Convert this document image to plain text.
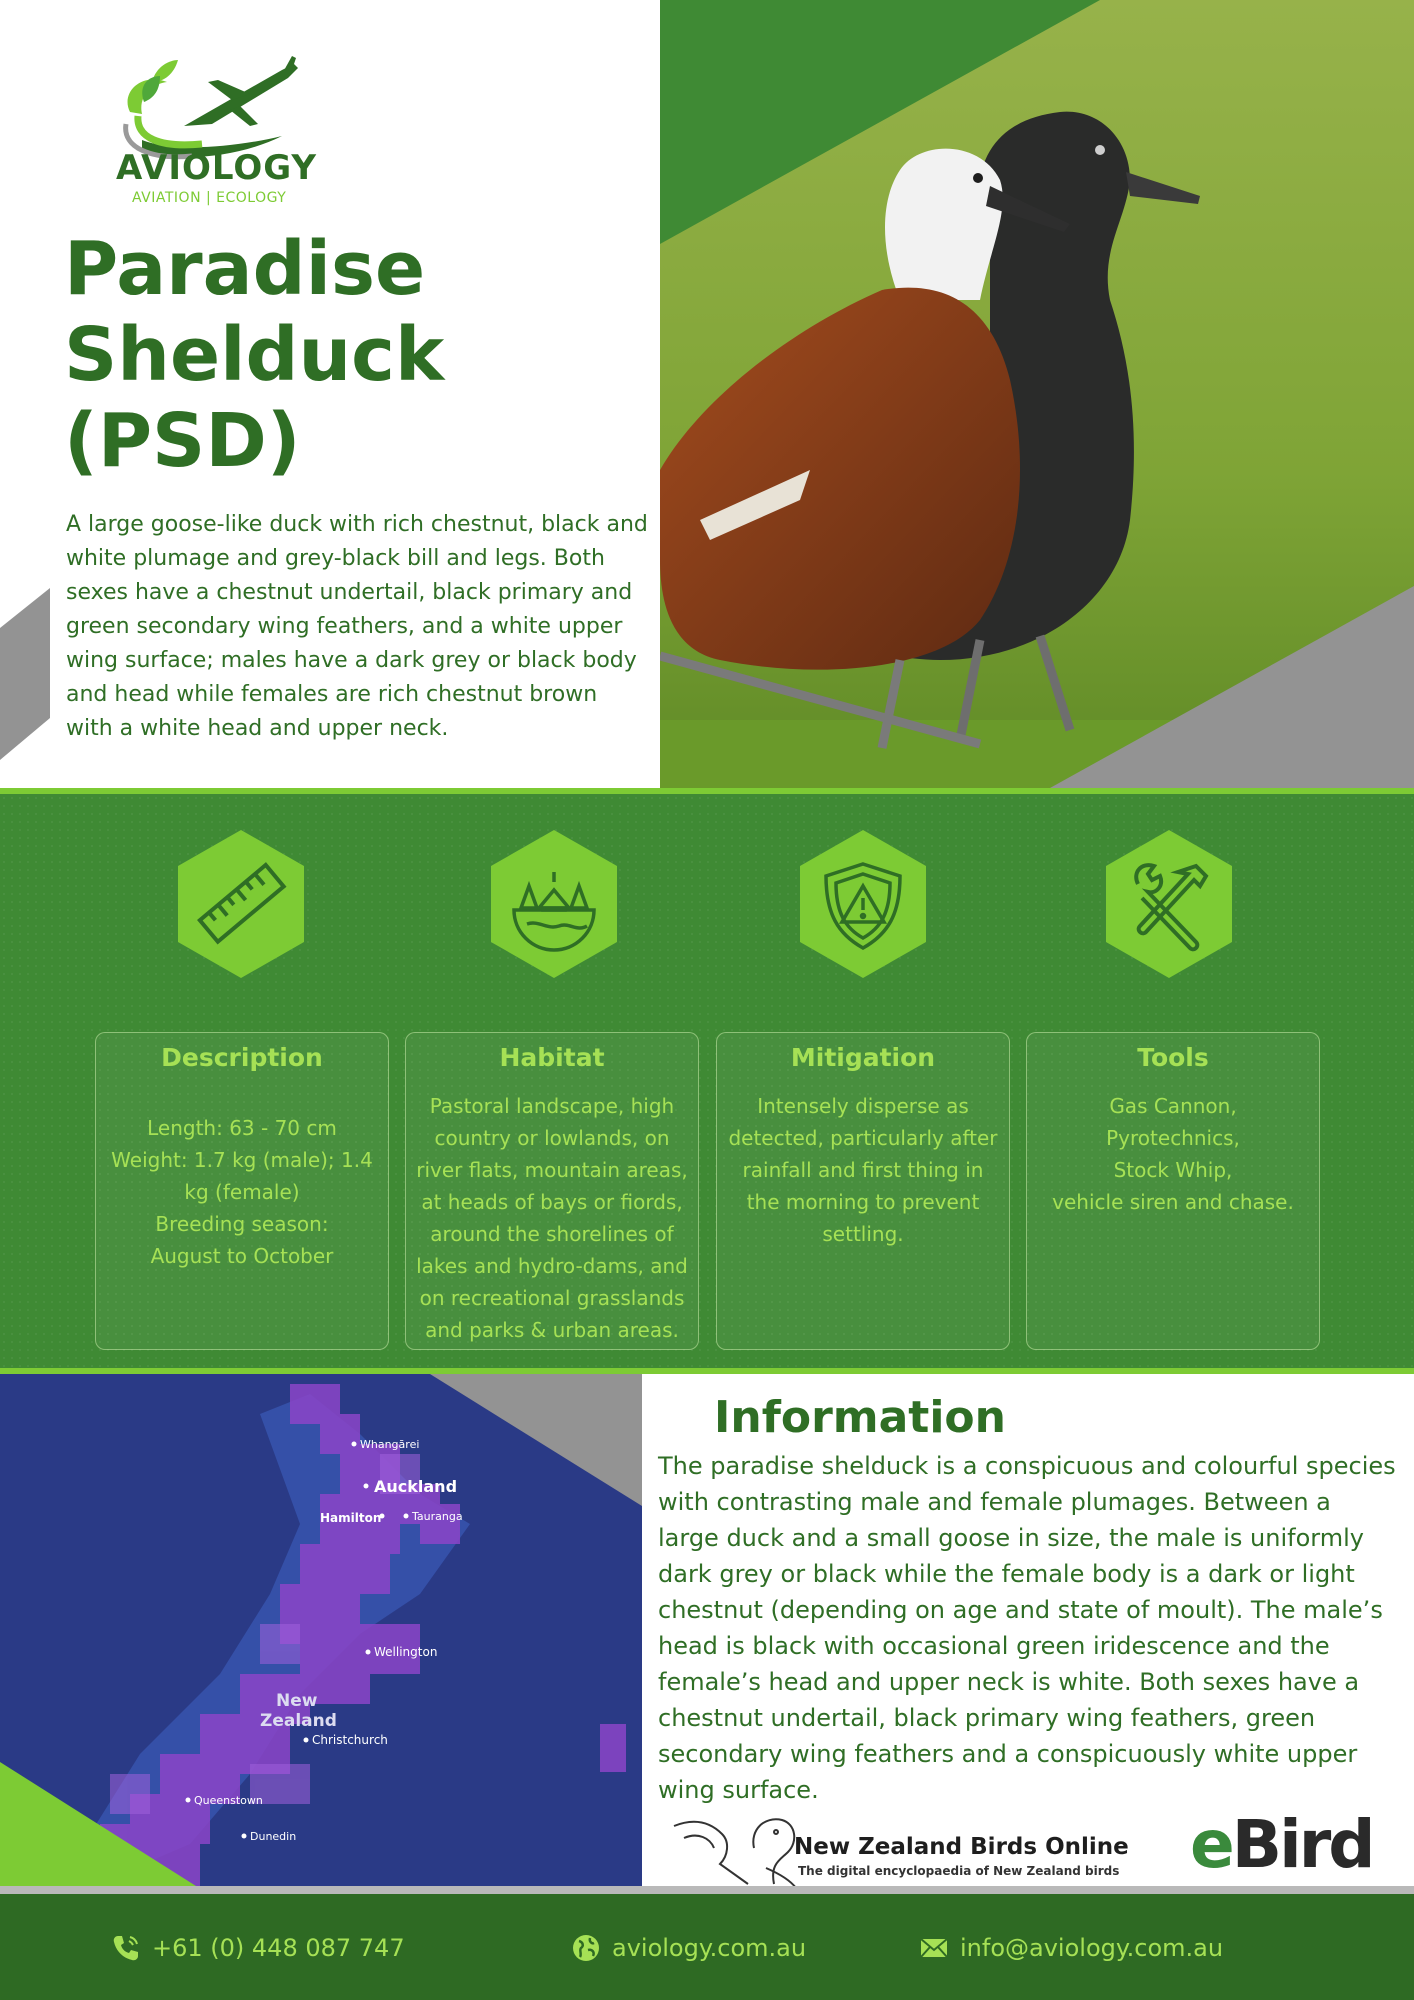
AVIOLOGY
AVIATION | ECOLOGY
Paradise
Shelduck
(PSD)

A large goose-like duck with rich chestnut, black and white plumage and grey-black bill and legs. Both sexes have a chestnut undertail, black primary and green secondary wing feathers, and a white upper wing surface; males have a dark grey or black body and head while females are rich chestnut brown with a white head and upper neck.

Description
Length: 63 - 70 cm
Weight: 1.7 kg (male); 1.4
kg (female)
Breeding season:
August to October
Habitat
Pastoral landscape, high
country or lowlands, on
river flats, mountain areas,
at heads of bays or fiords,
around the shorelines of
lakes and hydro-dams, and
on recreational grasslands
and parks & urban areas.
Mitigation
Intensely disperse as
detected, particularly after
rainfall and first thing in
the morning to prevent
settling.
Tools
Gas Cannon,
Pyrotechnics,
Stock Whip,
vehicle siren and chase.
Whangārei
Auckland
Hamilton	Tauranga
Wellington
New
Zealand
Christchurch
Queenstown
Dunedin
Information

The paradise shelduck is a conspicuous and colourful species with contrasting male and female plumages. Between a large duck and a small goose in size, the male is uniformly dark grey or black while the female body is a dark or light chestnut (depending on age and state of moult). The male’s head is black with occasional green iridescence and the female’s head and upper neck is white. Both sexes have a chestnut undertail, black primary wing feathers, green secondary wing feathers and a conspicuously white upper wing surface.

New Zealand Birds Online
The digital encyclopaedia of New Zealand birds eBird
+61 (0) 448 087 747	aviology.com.au	info@aviology.com.au
